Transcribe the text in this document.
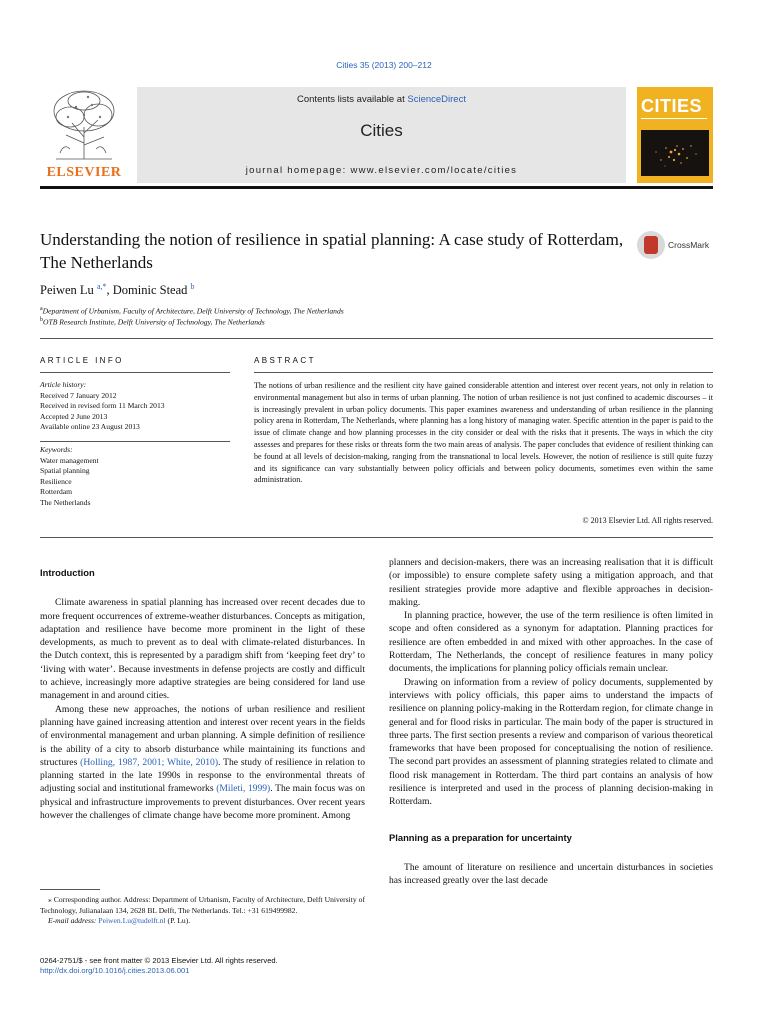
Cities 35 (2013) 200–212
ELSEVIER
Contents lists available at ScienceDirect
Cities
journal homepage: www.elsevier.com/locate/cities
CITIES
Understanding the notion of resilience in spatial planning: A case study of Rotterdam, The Netherlands
CrossMark
Peiwen Lu $^{a,*}$, Dominic Stead $^b$
$^a$Department of Urbanism, Faculty of Architecture, Delft University of Technology, The Netherlands
$^b$OTB Research Institute, Delft University of Technology, The Netherlands
ARTICLE INFO	ABSTRACT
Article history:
Received 7 January 2012
Received in revised form 11 March 2013
Accepted 2 June 2013
Available online 23 August 2013
Keywords:
Water management
Spatial planning
Resilience
Rotterdam
The Netherlands
The notions of urban resilience and the resilient city have gained considerable attention and interest over recent years, not only in relation to environmental management but also in terms of urban planning. The notion of urban resilience is not just confined to academic discourses – it is increasingly prevalent in urban policy documents. This paper examines awareness and understanding of urban resilience in the planning policy arena in Rotterdam, The Netherlands, where planning has a long history of managing water. Specific attention in the paper is paid to the issue of climate change and how planning processes in the city consider or deal with the risks that it presents. The ways in which the city assesses and prepares for these risks or threats form the two main areas of analysis. The paper concludes that evidence of resilient thinking can be found at all levels of decision-making, ranging from the transnational to local levels. However, the notion of resilience is still quite fuzzy and its significance can vary substantially between policy officials and between policy documents, sometimes even within the same administration.
© 2013 Elsevier Ltd. All rights reserved.
Introduction

Climate awareness in spatial planning has increased over recent decades due to more frequent occurrences of extreme-weather disturbances. Concepts as mitigation, adaptation and resilience have become more prominent in the light of these developments, as much to prevent as to deal with climate-related disturbances. In the Dutch context, this is represented by a paradigm shift from ‘keeping feet dry’ to ‘living with water’. Because investments in defense projects are costly and difficult to achieve, increasingly more adaptive strategies are being considered for land use management in and around cities.

Among these new approaches, the notions of urban resilience and resilient planning have gained increasing attention and interest over recent years in the fields of environmental management and urban planning. A simple definition of resilience is the ability of a city to absorb disturbance while maintaining its functions and structures (Holling, 1987, 2001; White, 2010). The study of resilience in relation to planning started in the late 1990s in response to the environmental threats of adjusting social and institutional frameworks (Mileti, 1999). The main focus was on physical and infrastructure improvements to prevent disturbances. Over recent years however the challenges of climate change have become more prominent. Among

planners and decision-makers, there was an increasing realisation that it is difficult (or impossible) to ensure complete safety using a mitigation approach, and that resilient strategies provide more adaptive and flexible approaches in decision-making.

In planning practice, however, the use of the term resilience is often limited in scope and often considered as a synonym for adaptation. Planning practices for resilience are often embedded in and mixed with other approaches. In the case of Rotterdam, The Netherlands, the concept of resilience features in many policy documents, the implications for planning policy officials remain unclear.

Drawing on information from a review of policy documents, supplemented by interviews with policy officials, this paper aims to understand the impacts of resilience on planning policy-making in the Rotterdam region, for climate change in general and for flood risks in particular. The main body of the paper is structured in three parts. The first section presents a review and comparison of various theoretical frameworks that have been proposed for conceptualising the notion of resilience. The second part provides an assessment of planning strategies related to climate and flood risk management in Rotterdam. The third part contains an analysis of how resilience is interpreted and used in the process of planning decision-making in Rotterdam.

Planning as a preparation for uncertainty

The amount of literature on resilience and uncertain disturbances in societies has increased greatly over the last decade

⁎ Corresponding author. Address: Department of Urbanism, Faculty of Architecture, Delft University of Technology, Julianalaan 134, 2628 BL Delft, The Netherlands. Tel.: +31 619499982.
E-mail address: Peiwen.Lu@tudelft.nl (P. Lu).
0264-2751/$ - see front matter © 2013 Elsevier Ltd. All rights reserved.
http://dx.doi.org/10.1016/j.cities.2013.06.001
